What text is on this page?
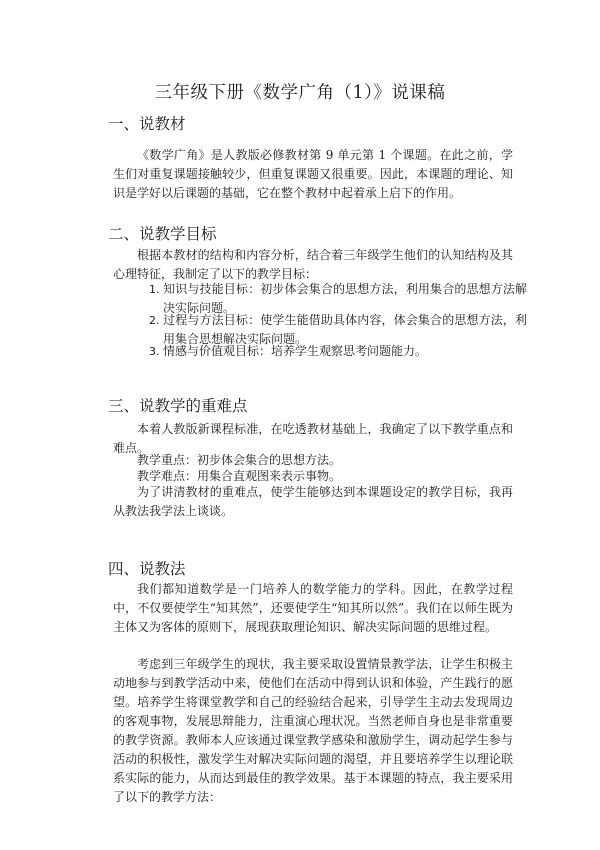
三年级下册《数学广角（1）》说课稿
一、说教材

《数学广角》是人教版必修教材第 9 单元第 1 个课题。在此之前，学生们对重复课题接触较少，但重复课题又很重要。因此，本课题的理论、知识是学好以后课题的基础，它在整个教材中起着承上启下的作用。

二、说教学目标

根据本教材的结构和内容分析，结合着三年级学生他们的认知结构及其心理特征，我制定了以下的教学目标：

1. 知识与技能目标：初步体会集合的思想方法，利用集合的思想方法解决实际问题。

2. 过程与方法目标：使学生能借助具体内容，体会集合的思想方法，利用集合思想解决实际问题。

3. 情感与价值观目标：培养学生观察思考问题能力。

三、说教学的重难点

本着人教版新课程标准，在吃透教材基础上，我确定了以下教学重点和难点。

教学重点：初步体会集合的思想方法。

教学难点：用集合直观图来表示事物。

为了讲清教材的重难点，使学生能够达到本课题设定的教学目标，我再从教法我学法上谈谈。

四、说教法

我们都知道数学是一门培养人的数学能力的学科。因此，在教学过程中，不仅要使学生“知其然”，还要使学生“知其所以然”。我们在以师生既为主体又为客体的原则下，展现获取理论知识、解决实际问题的思维过程。

考虑到三年级学生的现状，我主要采取设置情景教学法，让学生积极主动地参与到教学活动中来，使他们在活动中得到认识和体验，产生践行的愿望。培养学生将课堂教学和自己的经验结合起来，引导学生主动去发现周边的客观事物，发展思辩能力，注重演心理状况。当然老师自身也是非常重要的教学资源。教师本人应该通过课堂教学感染和激励学生，调动起学生参与活动的积极性，激发学生对解决实际问题的渴望，并且要培养学生以理论联系实际的能力，从而达到最佳的教学效果。基于本课题的特点，我主要采用了以下的教学方法：
